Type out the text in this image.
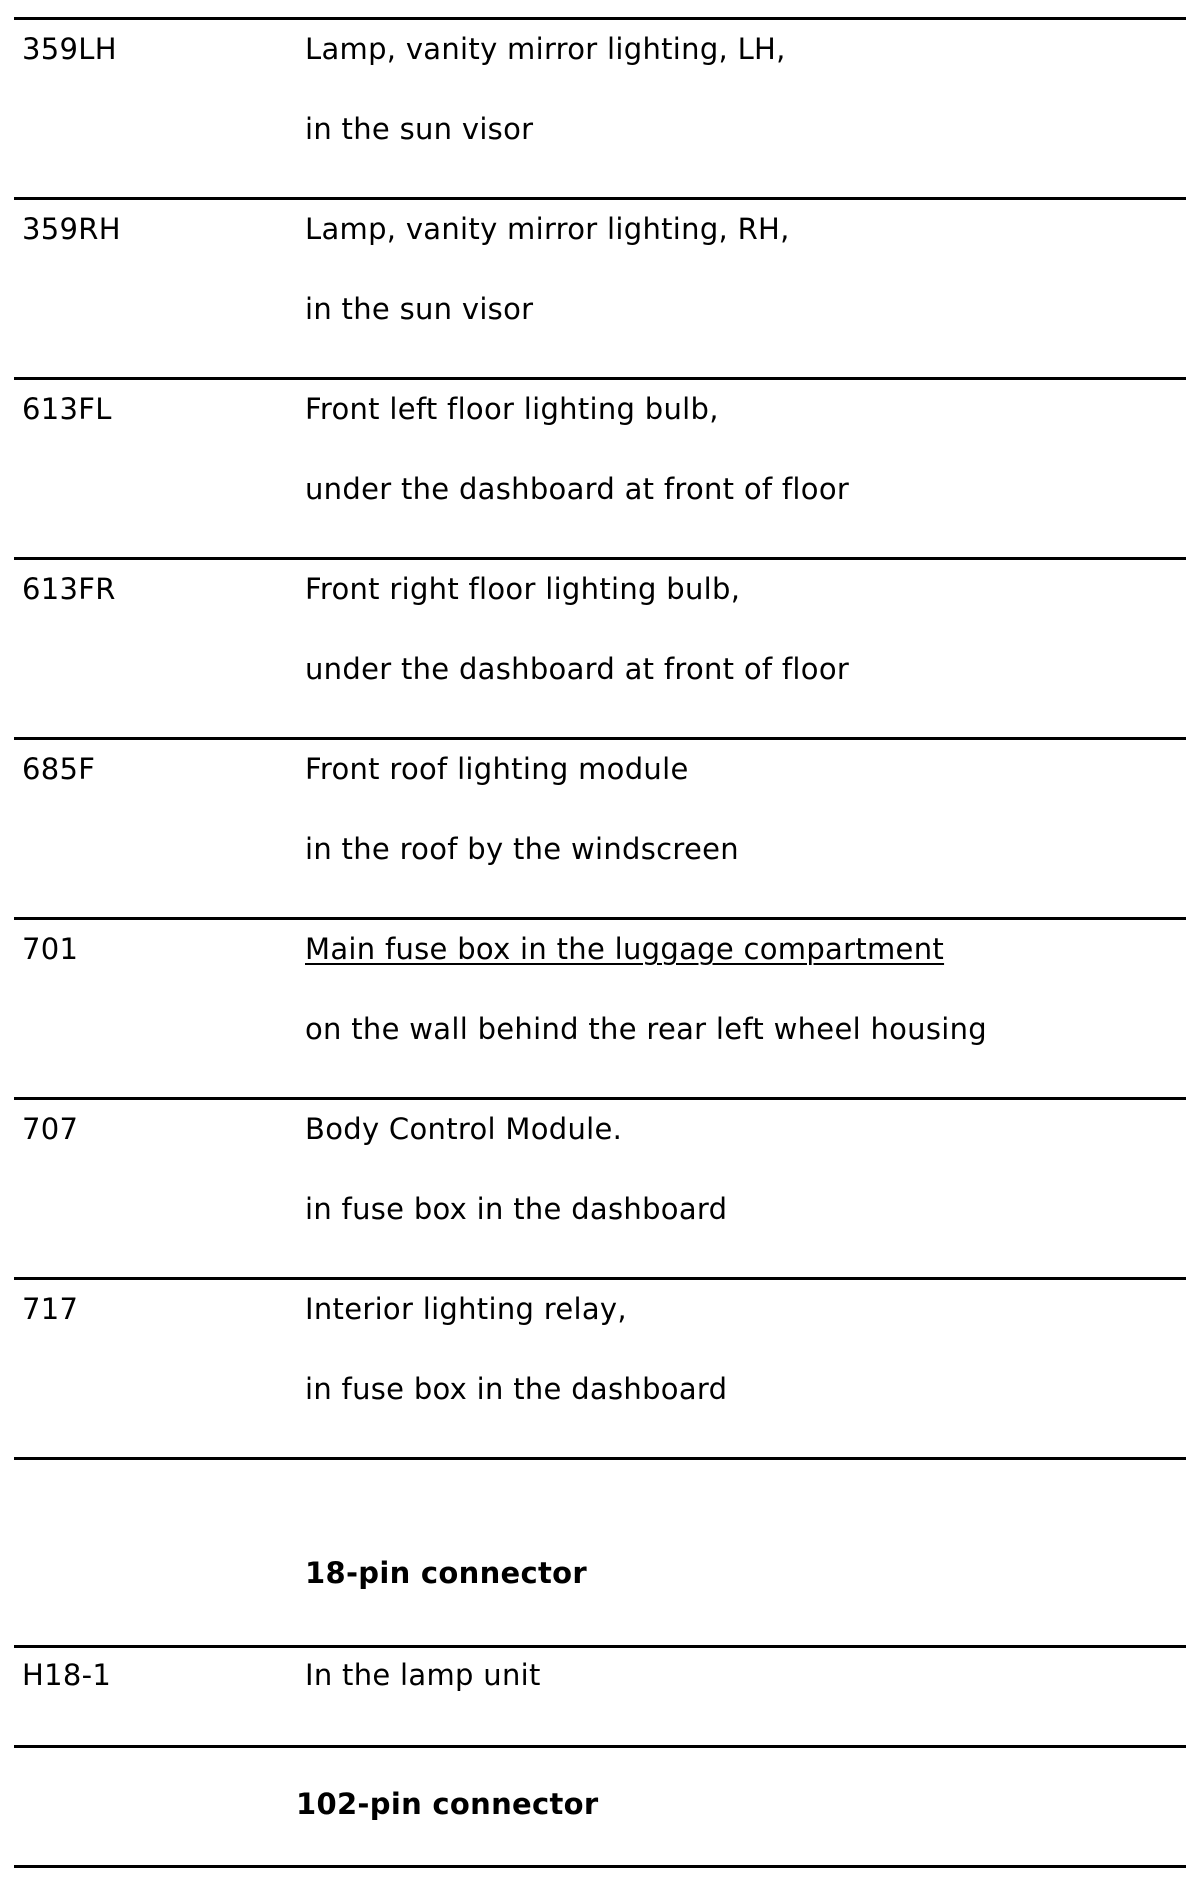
359LH	Lamp, vanity mirror lighting, LH,
in the sun visor
359RH	Lamp, vanity mirror lighting, RH,
in the sun visor
613FL	Front left floor lighting bulb,
under the dashboard at front of floor
613FR	Front right floor lighting bulb,
under the dashboard at front of floor
685F	Front roof lighting module
in the roof by the windscreen
701	Main fuse box in the luggage compartment
on the wall behind the rear left wheel housing
707	Body Control Module.
in fuse box in the dashboard
717	Interior lighting relay,
in fuse box in the dashboard
18-pin connector
H18-1	In the lamp unit
102-pin connector
